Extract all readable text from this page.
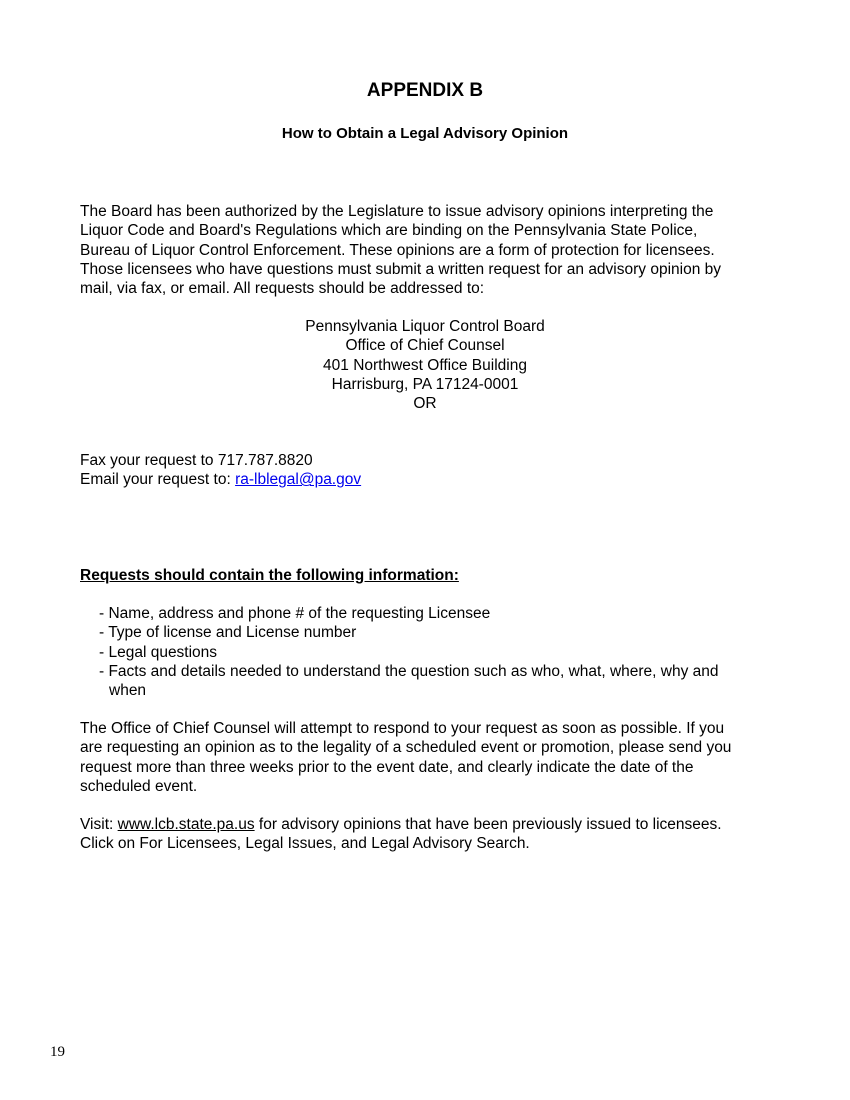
APPENDIX B
How to Obtain a Legal Advisory Opinion
The Board has been authorized by the Legislature to issue advisory opinions interpreting the
Liquor Code and Board's Regulations which are binding on the Pennsylvania State Police,
Bureau of Liquor Control Enforcement. These opinions are a form of protection for licensees.
Those licensees who have questions must submit a written request for an advisory opinion by
mail, via fax, or email. All requests should be addressed to:
Pennsylvania Liquor Control Board
Office of Chief Counsel
401 Northwest Office Building
Harrisburg, PA 17124-0001
OR
Fax your request to 717.787.8820
Email your request to: ra-lblegal@pa.gov
Requests should contain the following information:
- Name, address and phone # of the requesting Licensee
- Type of license and License number
- Legal questions
- Facts and details needed to understand the question such as who, what, where, why and
when
The Office of Chief Counsel will attempt to respond to your request as soon as possible. If you
are requesting an opinion as to the legality of a scheduled event or promotion, please send you
request more than three weeks prior to the event date, and clearly indicate the date of the
scheduled event.
Visit: www.lcb.state.pa.us for advisory opinions that have been previously issued to licensees.
Click on For Licensees, Legal Issues, and Legal Advisory Search.
19
